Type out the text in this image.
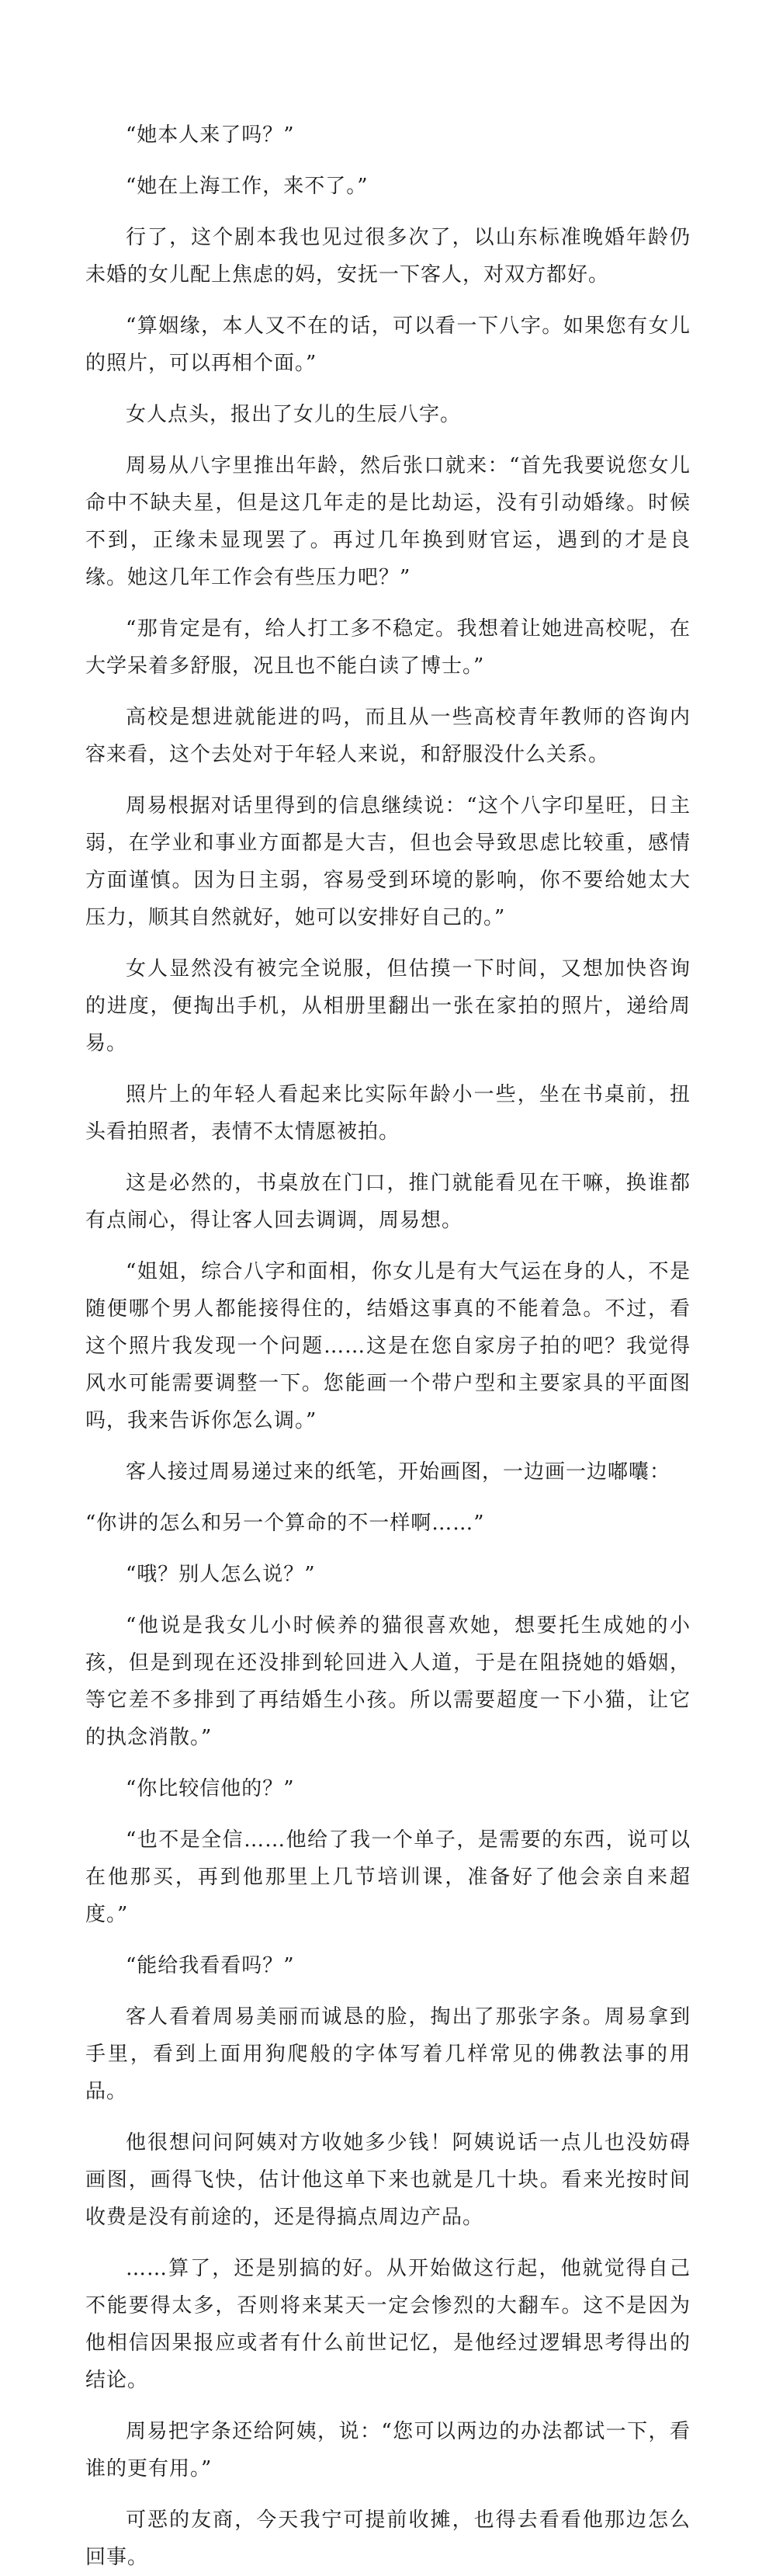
“她本人来了吗？”

“她在上海工作，来不了。”

行了，这个剧本我也见过很多次了，以山东标准晚婚年龄仍未婚的女儿配上焦虑的妈，安抚一下客人，对双方都好。

“算姻缘，本人又不在的话，可以看一下八字。如果您有女儿的照片，可以再相个面。”

女人点头，报出了女儿的生辰八字。

周易从八字里推出年龄，然后张口就来：“首先我要说您女儿命中不缺夫星，但是这几年走的是比劫运，没有引动婚缘。时候不到，正缘未显现罢了。再过几年换到财官运，遇到的才是良缘。她这几年工作会有些压力吧？”

“那肯定是有，给人打工多不稳定。我想着让她进高校呢，在大学呆着多舒服，况且也不能白读了博士。”

高校是想进就能进的吗，而且从一些高校青年教师的咨询内容来看，这个去处对于年轻人来说，和舒服没什么关系。

周易根据对话里得到的信息继续说：“这个八字印星旺，日主弱，在学业和事业方面都是大吉，但也会导致思虑比较重，感情方面谨慎。因为日主弱，容易受到环境的影响，你不要给她太大压力，顺其自然就好，她可以安排好自己的。”

女人显然没有被完全说服，但估摸一下时间，又想加快咨询的进度，便掏出手机，从相册里翻出一张在家拍的照片，递给周易。

照片上的年轻人看起来比实际年龄小一些，坐在书桌前，扭头看拍照者，表情不太情愿被拍。

这是必然的，书桌放在门口，推门就能看见在干嘛，换谁都有点闹心，得让客人回去调调，周易想。

“姐姐，综合八字和面相，你女儿是有大气运在身的人，不是随便哪个男人都能接得住的，结婚这事真的不能着急。不过，看这个照片我发现一个问题……这是在您自家房子拍的吧？我觉得风水可能需要调整一下。您能画一个带户型和主要家具的平面图吗，我来告诉你怎么调。”

客人接过周易递过来的纸笔，开始画图，一边画一边嘟囔：

“你讲的怎么和另一个算命的不一样啊……”

“哦？别人怎么说？”

“他说是我女儿小时候养的猫很喜欢她，想要托生成她的小孩，但是到现在还没排到轮回进入人道，于是在阻挠她的婚姻，等它差不多排到了再结婚生小孩。所以需要超度一下小猫，让它的执念消散。”

“你比较信他的？”

“也不是全信……他给了我一个单子，是需要的东西，说可以在他那买，再到他那里上几节培训课，准备好了他会亲自来超度。”

“能给我看看吗？”

客人看着周易美丽而诚恳的脸，掏出了那张字条。周易拿到手里，看到上面用狗爬般的字体写着几样常见的佛教法事的用品。

他很想问问阿姨对方收她多少钱！阿姨说话一点儿也没妨碍画图，画得飞快，估计他这单下来也就是几十块。看来光按时间收费是没有前途的，还是得搞点周边产品。

……算了，还是别搞的好。从开始做这行起，他就觉得自己不能要得太多，否则将来某天一定会惨烈的大翻车。这不是因为他相信因果报应或者有什么前世记忆，是他经过逻辑思考得出的结论。

周易把字条还给阿姨，说：“您可以两边的办法都试一下，看谁的更有用。”

可恶的友商，今天我宁可提前收摊，也得去看看他那边怎么回事。
